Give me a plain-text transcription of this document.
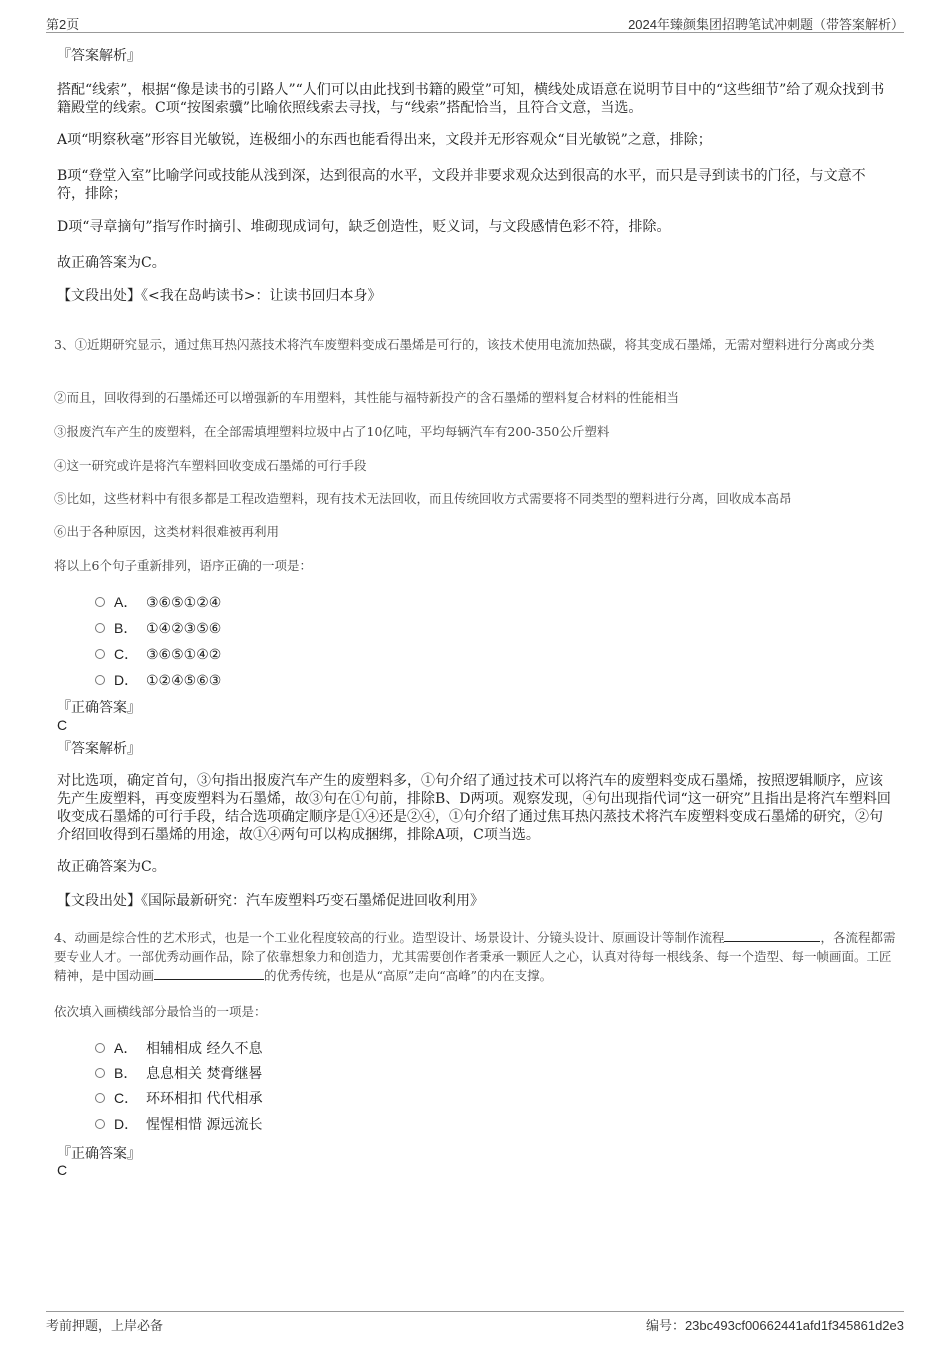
第2页	2024年臻颜集团招聘笔试冲刺题（带答案解析）

『答案解析』

搭配“线索”，根据“像是读书的引路人”“人们可以由此找到书籍的殿堂”可知，横线处成语意在说明节目中的“这些细节”给了观众找到书籍殿堂的线索。C项“按图索骥”比喻依照线索去寻找，与“线索”搭配恰当，且符合文意，当选。

A项“明察秋毫”形容目光敏锐，连极细小的东西也能看得出来，文段并无形容观众“目光敏锐”之意，排除；

B项“登堂入室”比喻学问或技能从浅到深，达到很高的水平，文段并非要求观众达到很高的水平，而只是寻到读书的门径，与文意不符，排除；

D项“寻章摘句”指写作时摘引、堆砌现成词句，缺乏创造性，贬义词，与文段感情色彩不符，排除。

故正确答案为C。

【文段出处】《<我在岛屿读书>：让读书回归本身》

3、①近期研究显示，通过焦耳热闪蒸技术将汽车废塑料变成石墨烯是可行的，该技术使用电流加热碳，将其变成石墨烯，无需对塑料进行分离或分类

②而且，回收得到的石墨烯还可以增强新的车用塑料，其性能与福特新投产的含石墨烯的塑料复合材料的性能相当

③报废汽车产生的废塑料，在全部需填埋塑料垃圾中占了10亿吨，平均每辆汽车有200-350公斤塑料

④这一研究或许是将汽车塑料回收变成石墨烯的可行手段

⑤比如，这些材料中有很多都是工程改造塑料，现有技术无法回收，而且传统回收方式需要将不同类型的塑料进行分离，回收成本高昂

⑥出于各种原因，这类材料很难被再利用

将以上6个句子重新排列，语序正确的一项是：

A． ③⑥⑤①②④
B． ①④②③⑤⑥
C． ③⑥⑤①④②
D． ①②④⑤⑥③
『正确答案』
C
『答案解析』

对比选项，确定首句，③句指出报废汽车产生的废塑料多，①句介绍了通过技术可以将汽车的废塑料变成石墨烯，按照逻辑顺序，应该先产生废塑料，再变废塑料为石墨烯，故③句在①句前，排除B、D两项。观察发现，④句出现指代词“这一研究”且指出是将汽车塑料回收变成石墨烯的可行手段，结合选项确定顺序是①④还是②④，①句介绍了通过焦耳热闪蒸技术将汽车废塑料变成石墨烯的研究，②句介绍回收得到石墨烯的用途，故①④两句可以构成捆绑，排除A项，C项当选。

故正确答案为C。

【文段出处】《国际最新研究：汽车废塑料巧变石墨烯促进回收利用》

4、动画是综合性的艺术形式，也是一个工业化程度较高的行业。造型设计、场景设计、分镜头设计、原画设计等制作流程	，各流程都需要专业人才。一部优秀动画作品，除了依靠想象力和创造力，尤其需要创作者秉承一颗匠人之心，认真对待每一根线条、每一个造型、每一帧画面。工匠精神，是中国动画	的优秀传统，也是从“高原”走向“高峰”的内在支撑。

依次填入画横线部分最恰当的一项是：

A． 相辅相成 经久不息
B． 息息相关 焚膏继晷
C． 环环相扣 代代相承
D． 惺惺相惜 源远流长
『正确答案』
C
考前押题，上岸必备	编号：23bc493cf00662441afd1f345861d2e3
